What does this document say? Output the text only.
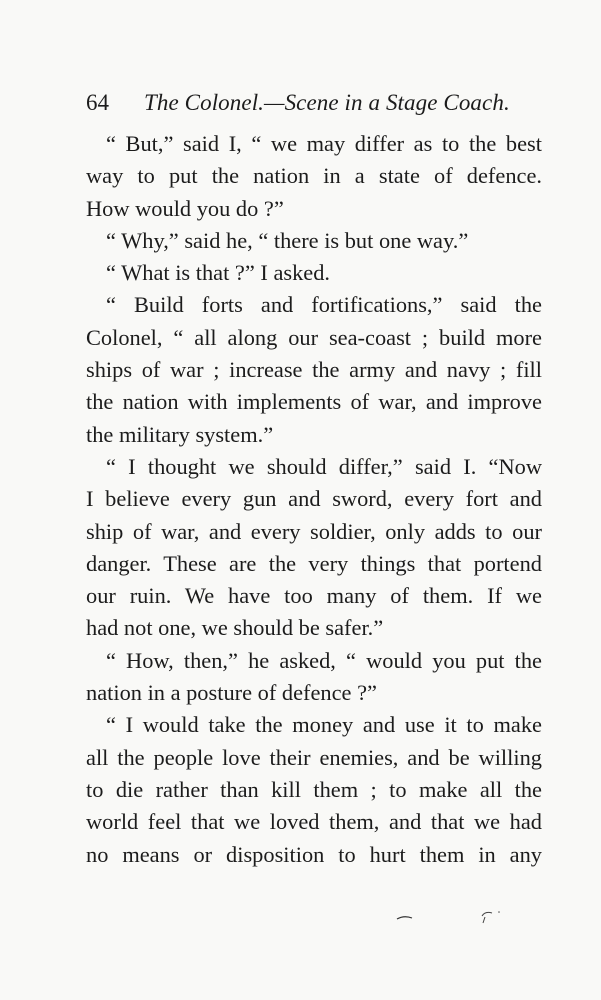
64 The Colonel.—Scene in a Stage Coach.
“ But,” said I, “ we may differ as to the best
way to put the nation in a state of defence.
How would you do ?”
“ Why,” said he, “ there is but one way.”
“ What is that ?” I asked.
“ Build forts and fortifications,” said the
Colonel, “ all along our sea-coast ; build more
ships of war ; increase the army and navy ; fill
the nation with implements of war, and improve
the military system.”
“ I thought we should differ,” said I. “Now
I believe every gun and sword, every fort and
ship of war, and every soldier, only adds to our
danger. These are the very things that portend
our ruin. We have too many of them. If we
had not one, we should be safer.”
“ How, then,” he asked, “ would you put the
nation in a posture of defence ?”
“ I would take the money and use it to make
all the people love their enemies, and be willing
to die rather than kill them ; to make all the
world feel that we loved them, and that we had
no means or disposition to hurt them in any
